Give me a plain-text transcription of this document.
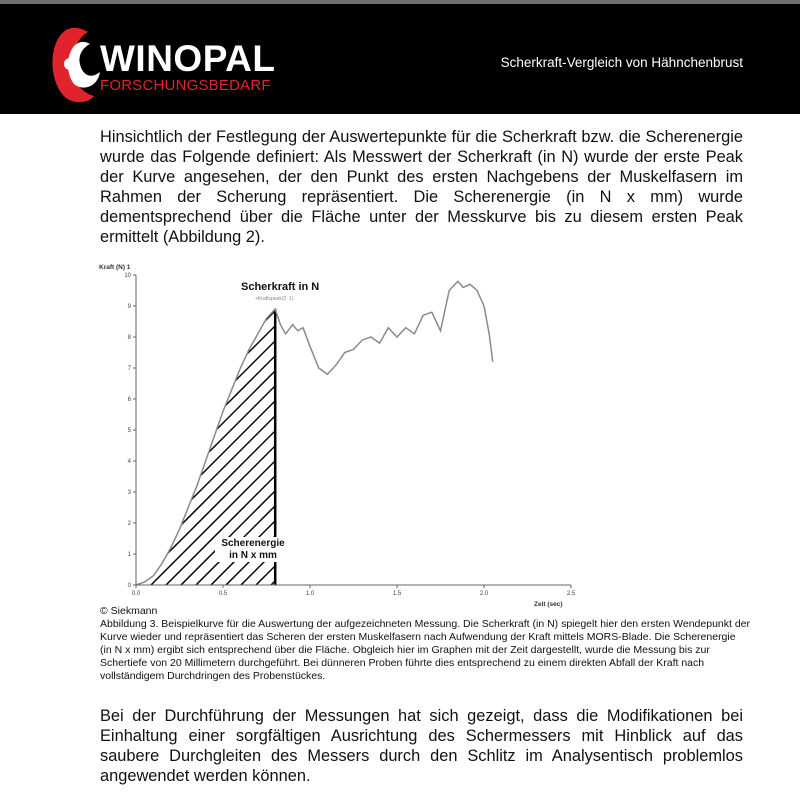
WINOPAL
FORSCHUNGSBEDARF
Scherkraft-Vergleich von Hähnchenbrust

Hinsichtlich der Festlegung der Auswertepunkte für die Scherkraft bzw. die Scherenergie wurde das Folgende definiert: Als Messwert der Scherkraft (in N) wurde der erste Peak der Kurve angesehen, der den Punkt des ersten Nachgebens der Muskelfasern im Rahmen der Scherung repräsentiert. Die Scherenergie (in N x mm) wurde dementsprechend über die Fläche unter der Messkurve bis zu diesem ersten Peak ermittelt (Abbildung 2).

0
1
2
3
4
5
6
7
8
9
10
0.0	0.5	1.0	1.5	2.0	2.5
Kraft (N) 1
Zeit (sec)
Scherkraft in N
+Kraftspeak(2: 1)
Scherenergie
in N x mm
© Siekmann

Abbildung 3. Beispielkurve für die Auswertung der aufgezeichneten Messung. Die Scherkraft (in N) spiegelt hier den ersten Wendepunkt der Kurve wieder und repräsentiert das Scheren der ersten Muskelfasern nach Aufwendung der Kraft mittels MORS-Blade. Die Scherenergie (in N x mm) ergibt sich entsprechend über die Fläche. Obgleich hier im Graphen mit der Zeit dargestellt, wurde die Messung bis zur Schertiefe von 20 Millimetern durchgeführt. Bei dünneren Proben führte dies entsprechend zu einem direkten Abfall der Kraft nach vollständigem Durchdringen des Probenstückes.

Bei der Durchführung der Messungen hat sich gezeigt, dass die Modifikationen bei Einhaltung einer sorgfältigen Ausrichtung des Schermessers mit Hinblick auf das saubere Durchgleiten des Messers durch den Schlitz im Analysentisch problemlos angewendet werden können.
